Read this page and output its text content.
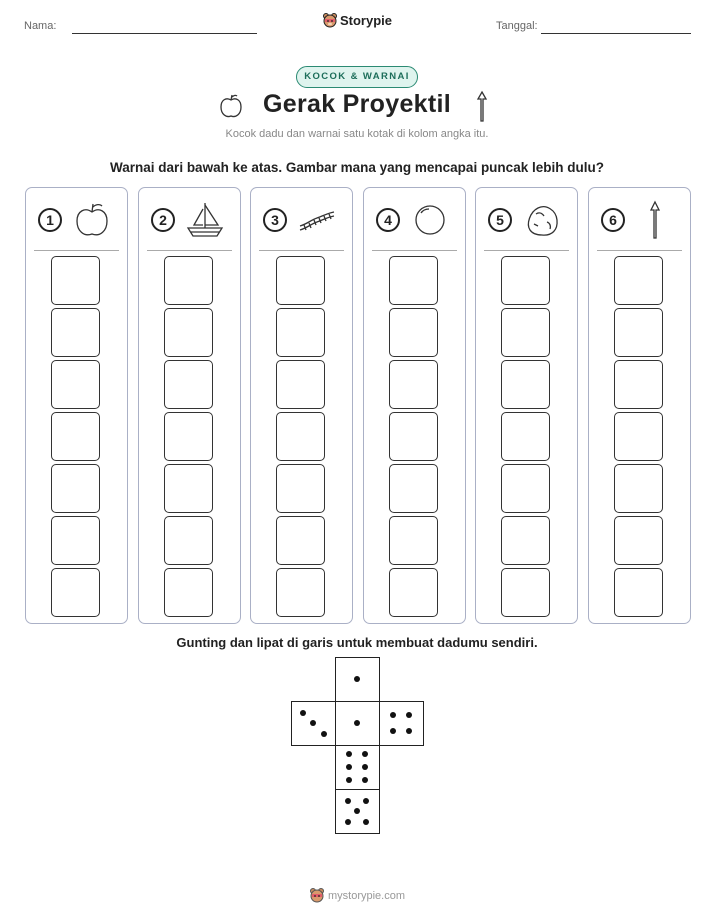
Nama:	Storypie	Tanggal:
KOCOK & WARNAI
Gerak Proyektil
Kocok dadu dan warnai satu kotak di kolom angka itu.
Warnai dari bawah ke atas. Gambar mana yang mencapai puncak lebih dulu?
1	2	3	4	5	6
Gunting dan lipat di garis untuk membuat dadumu sendiri.
mystorypie.com
